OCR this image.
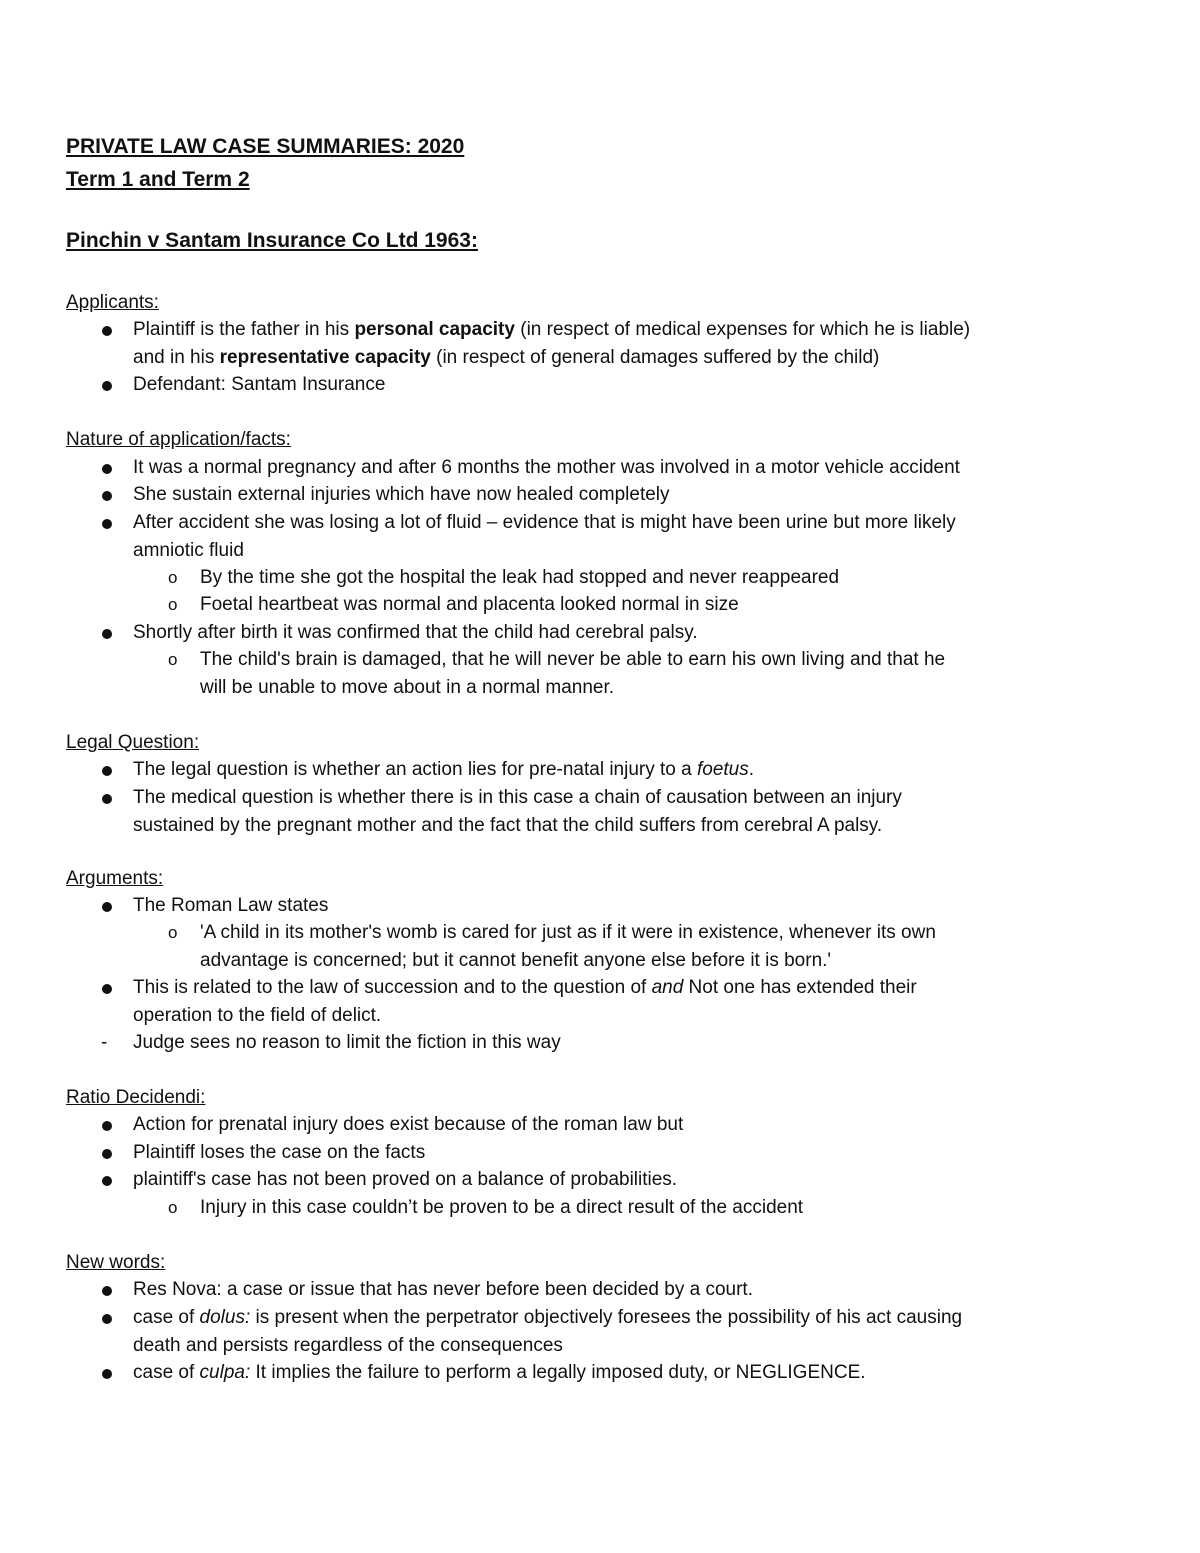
PRIVATE LAW CASE SUMMARIES: 2020
Term 1 and Term 2
Pinchin v Santam Insurance Co Ltd 1963:
Applicants:
Plaintiff is the father in his personal capacity (in respect of medical expenses for which he is liable)
and in his representative capacity (in respect of general damages suffered by the child)
Defendant: Santam Insurance
Nature of application/facts:
It was a normal pregnancy and after 6 months the mother was involved in a motor vehicle accident
She sustain external injuries which have now healed completely
After accident she was losing a lot of fluid – evidence that is might have been urine but more likely
amniotic fluid
o By the time she got the hospital the leak had stopped and never reappeared
o Foetal heartbeat was normal and placenta looked normal in size
Shortly after birth it was confirmed that the child had cerebral palsy.
o The child's brain is damaged, that he will never be able to earn his own living and that he
will be unable to move about in a normal manner.
Legal Question:
The legal question is whether an action lies for pre-natal injury to a foetus.
The medical question is whether there is in this case a chain of causation between an injury
sustained by the pregnant mother and the fact that the child suffers from cerebral A palsy.
Arguments:
The Roman Law states
o 'A child in its mother's womb is cared for just as if it were in existence, whenever its own
advantage is concerned; but it cannot benefit anyone else before it is born.'
This is related to the law of succession and to the question of and Not one has extended their
operation to the field of delict.
- Judge sees no reason to limit the fiction in this way
Ratio Decidendi:
Action for prenatal injury does exist because of the roman law but
Plaintiff loses the case on the facts
plaintiff's case has not been proved on a balance of probabilities.
o Injury in this case couldn’t be proven to be a direct result of the accident
New words:
Res Nova: a case or issue that has never before been decided by a court.
case of dolus: is present when the perpetrator objectively foresees the possibility of his act causing
death and persists regardless of the consequences
case of culpa: It implies the failure to perform a legally imposed duty, or NEGLIGENCE.
